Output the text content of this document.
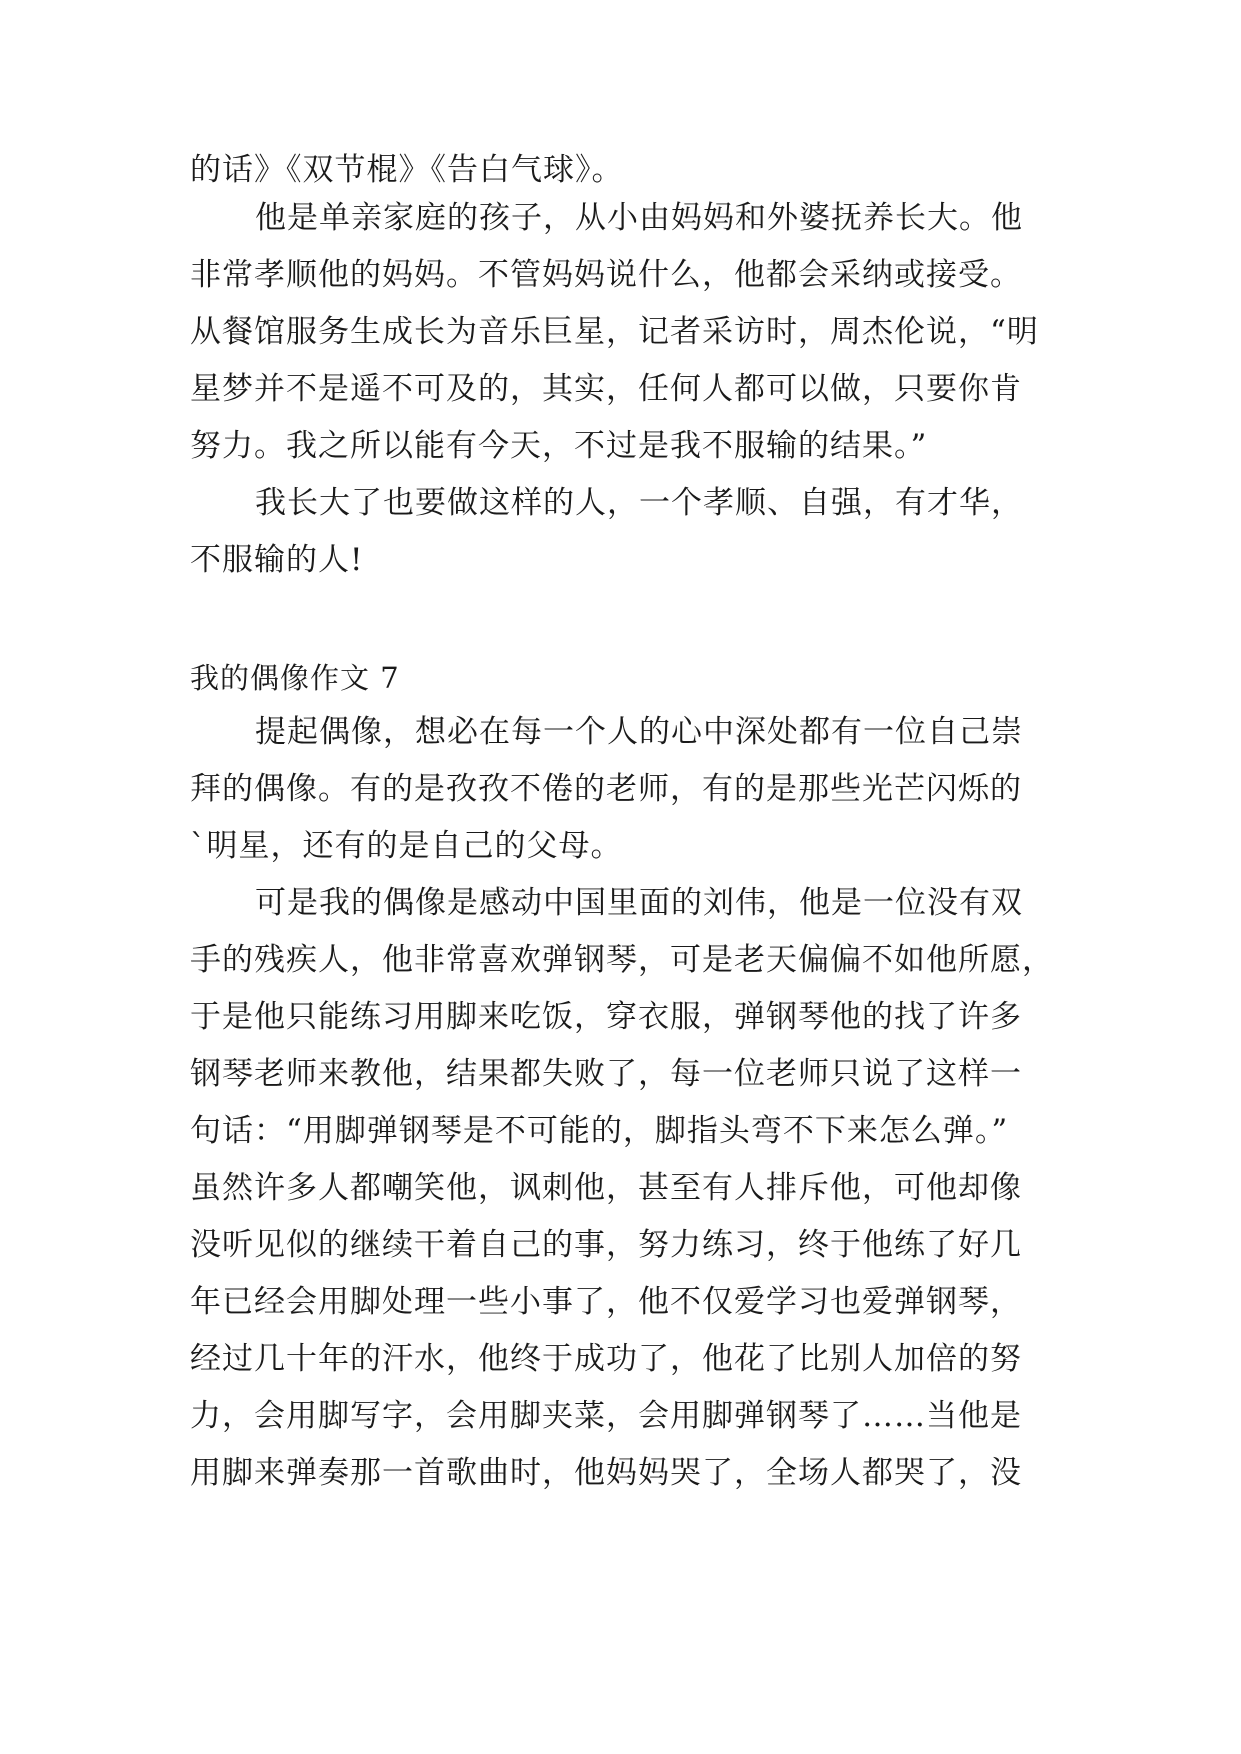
的话》《双节棍》《告白气球》。

他是单亲家庭的孩子，从小由妈妈和外婆抚养长大。他

非常孝顺他的妈妈。不管妈妈说什么，他都会采纳或接受。

从餐馆服务生成长为音乐巨星，记者采访时，周杰伦说，“明

星梦并不是遥不可及的，其实，任何人都可以做，只要你肯

努力。我之所以能有今天，不过是我不服输的结果。”

我长大了也要做这样的人，一个孝顺、自强，有才华，

不服输的人!

我的偶像作文 7

提起偶像，想必在每一个人的心中深处都有一位自己崇

拜的偶像。有的是孜孜不倦的老师，有的是那些光芒闪烁的

`明星，还有的是自己的父母。

可是我的偶像是感动中国里面的刘伟，他是一位没有双

手的残疾人，他非常喜欢弹钢琴，可是老天偏偏不如他所愿，

于是他只能练习用脚来吃饭，穿衣服，弹钢琴他的找了许多

钢琴老师来教他，结果都失败了，每一位老师只说了这样一

句话：“用脚弹钢琴是不可能的，脚指头弯不下来怎么弹。”

虽然许多人都嘲笑他，讽刺他，甚至有人排斥他，可他却像

没听见似的继续干着自己的事，努力练习，终于他练了好几

年已经会用脚处理一些小事了，他不仅爱学习也爱弹钢琴，

经过几十年的汗水，他终于成功了，他花了比别人加倍的努

力，会用脚写字，会用脚夹菜，会用脚弹钢琴了……当他是

用脚来弹奏那一首歌曲时，他妈妈哭了，全场人都哭了，没
